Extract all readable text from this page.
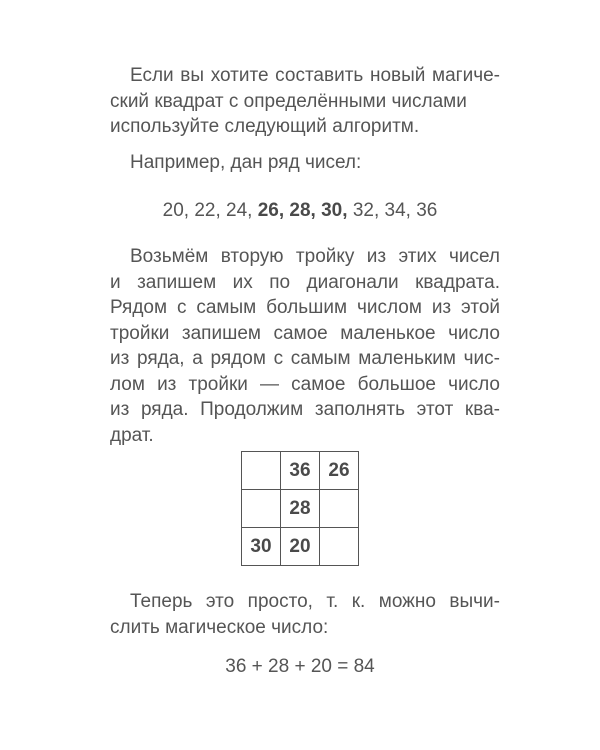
Если вы хотите составить новый магиче-
ский квадрат с определёнными числами
используйте следующий алгоритм.

Например, дан ряд чисел:

20, 22, 24, 26, 28, 30, 32, 34, 36

Возьмём вторую тройку из этих чисел
и запишем их по диагонали квадрата.
Рядом с самым большим числом из этой
тройки запишем самое маленькое число
из ряда, а рядом с самым маленьким чис-
лом из тройки — самое большое число
из ряда. Продолжим заполнять этот ква-
драт.

	36	26
	28	
30	20	

Теперь это просто, т. к. можно вычи-
слить магическое число:

36 + 28 + 20 = 84
